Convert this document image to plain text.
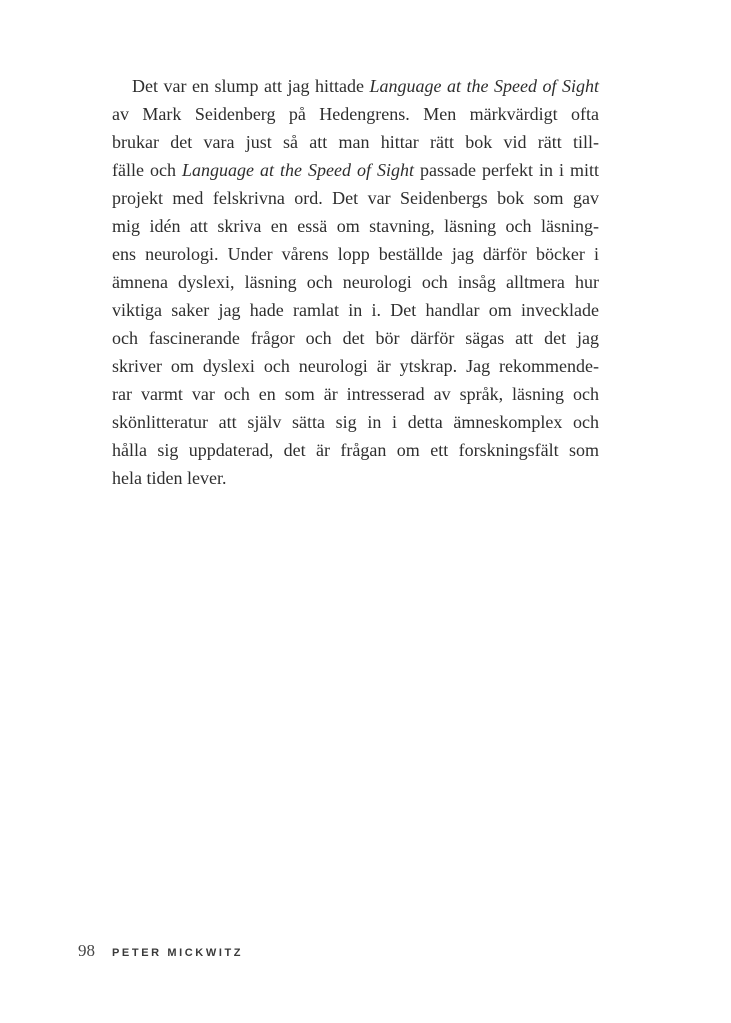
Det var en slump att jag hittade Language at the Speed of Sight
av Mark Seidenberg på Hedengrens. Men märkvärdigt ofta
brukar det vara just så att man hittar rätt bok vid rätt till-
fälle och Language at the Speed of Sight passade perfekt in i mitt
projekt med felskrivna ord. Det var Seidenbergs bok som gav
mig idén att skriva en essä om stavning, läsning och läsning-
ens neurologi. Under vårens lopp beställde jag därför böcker i
ämnena dyslexi, läsning och neurologi och insåg alltmera hur
viktiga saker jag hade ramlat in i. Det handlar om invecklade
och fascinerande frågor och det bör därför sägas att det jag
skriver om dyslexi och neurologi är ytskrap. Jag rekommende-
rar varmt var och en som är intresserad av språk, läsning och
skönlitteratur att själv sätta sig in i detta ämneskomplex och
hålla sig uppdaterad, det är frågan om ett forskningsfält som
hela tiden lever.
98 PETER MICKWITZ
